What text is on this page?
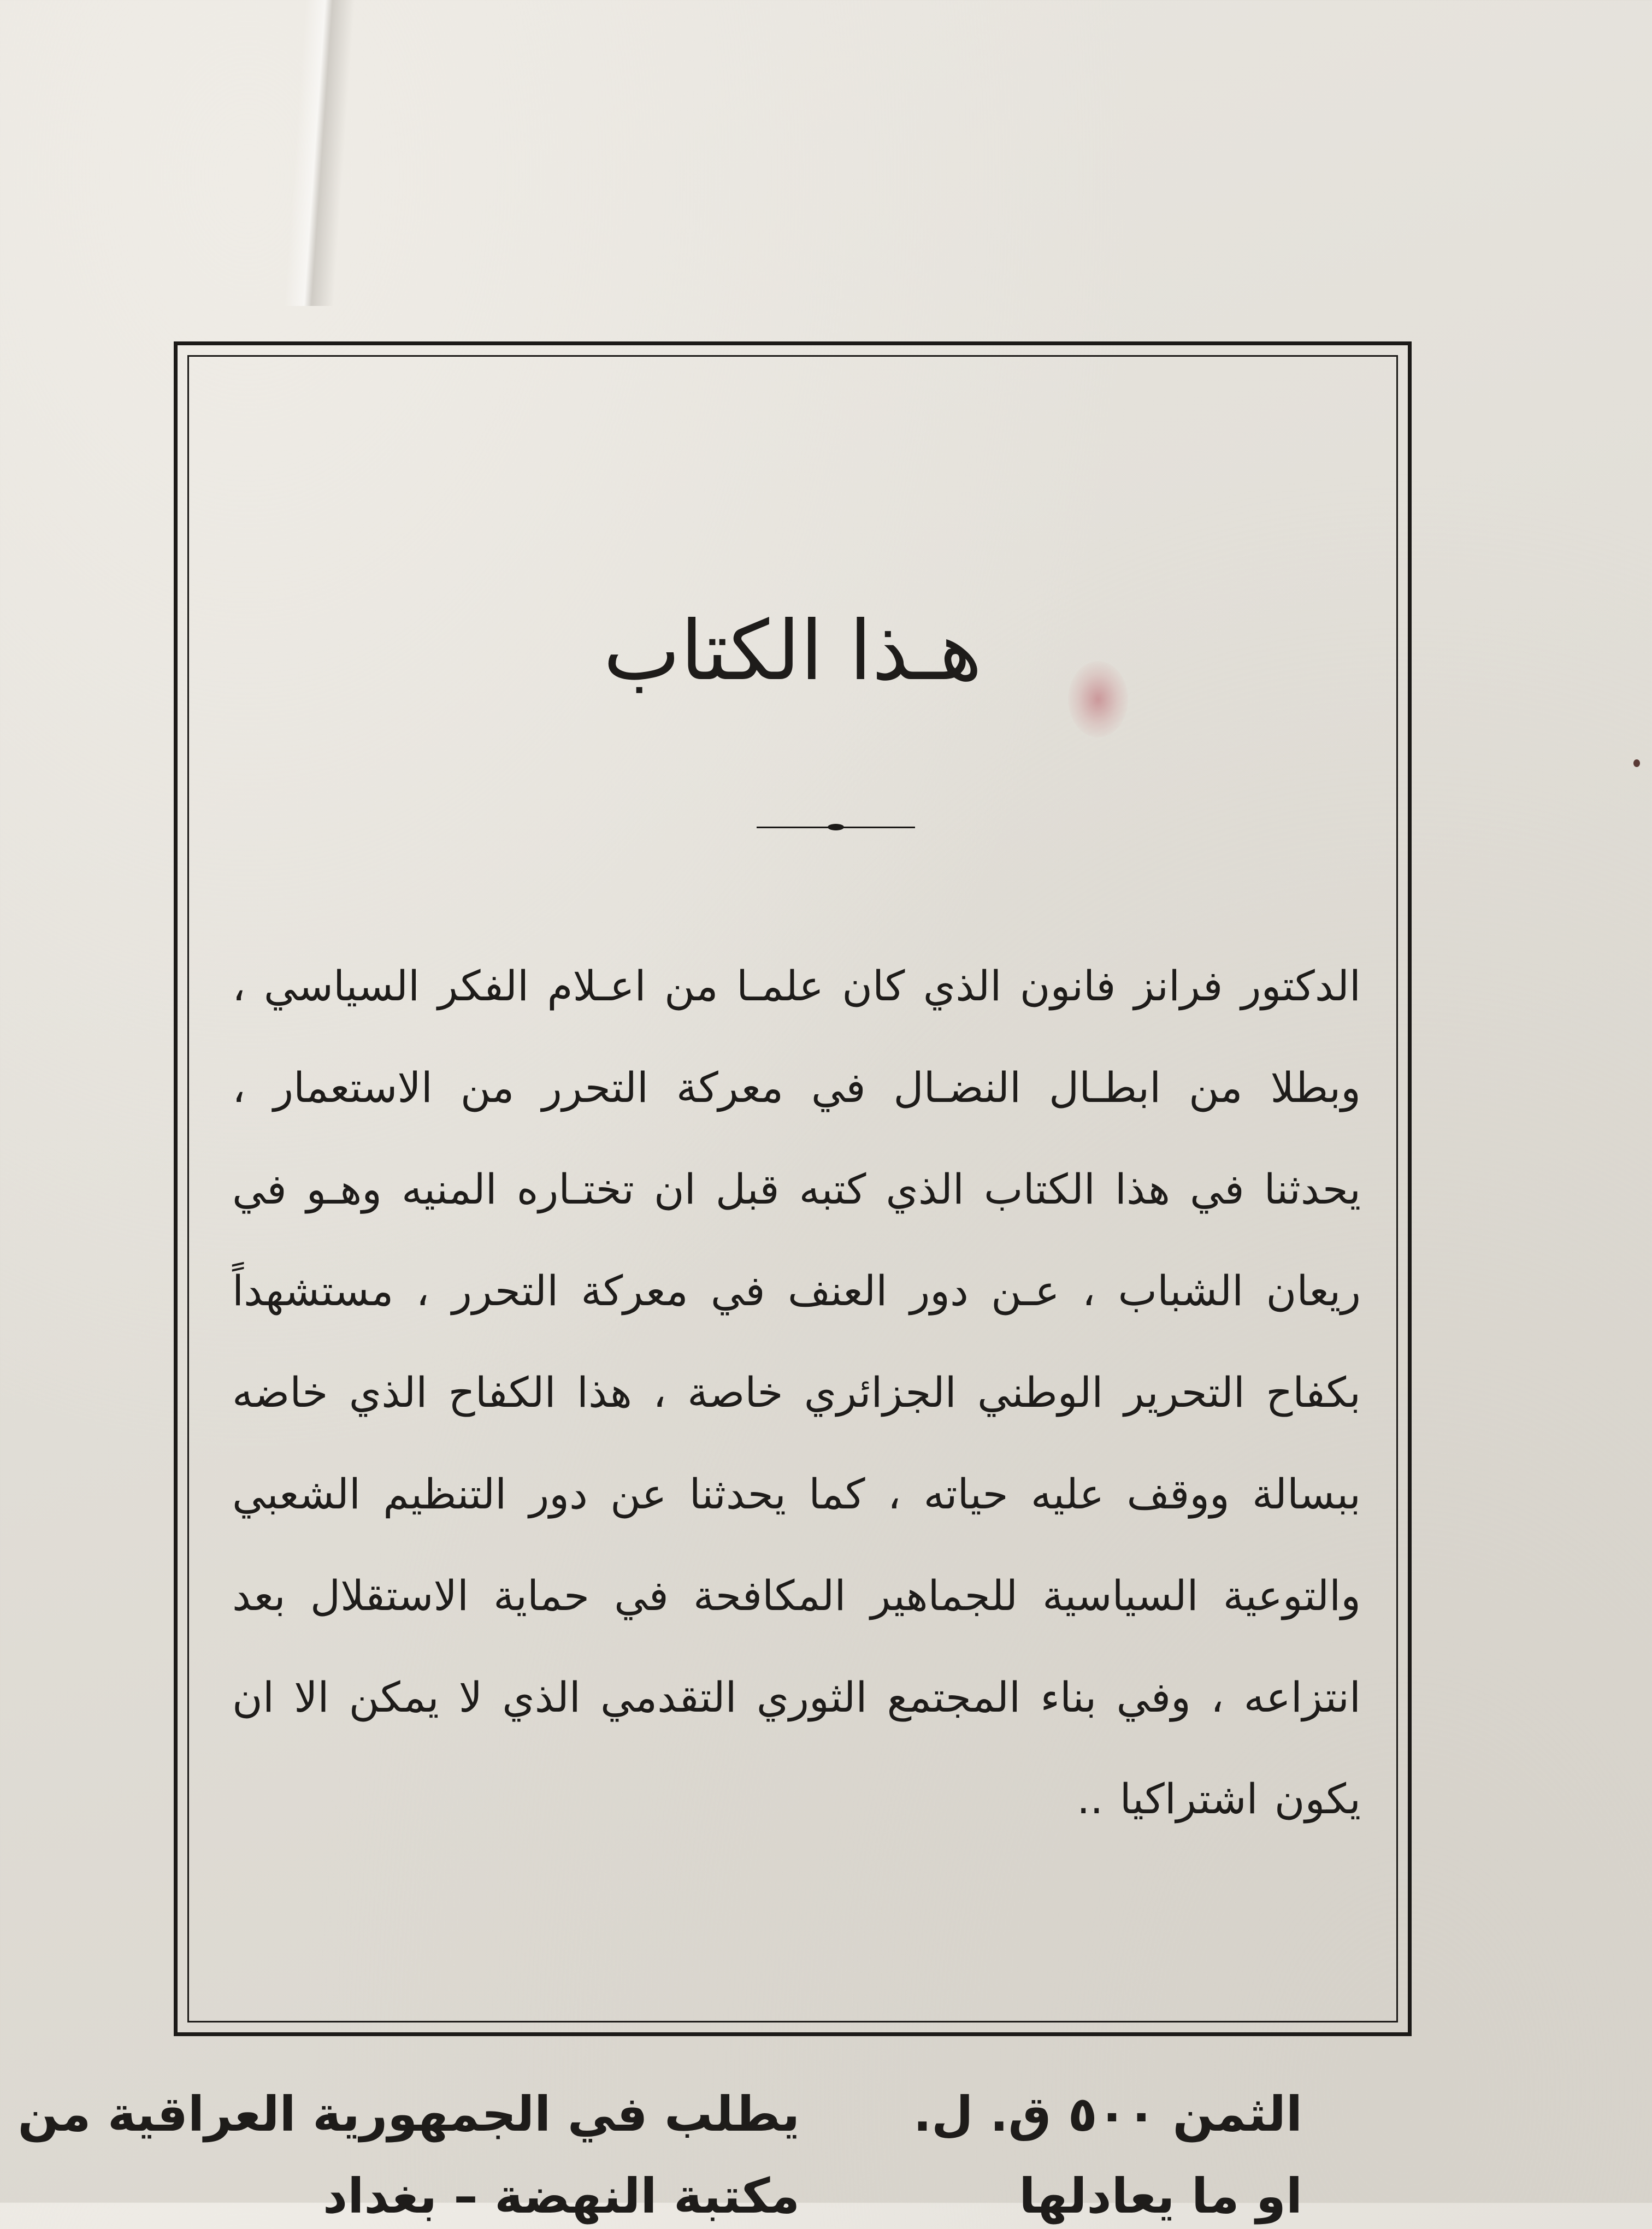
هـذا الكتاب

الدكتور فرانز فانون الذي كان علمـا من اعـلام الفكر السياسي ، وبطلا من ابطـال النضـال في معركة التحرر من الاستعمار ، يحدثنا في هذا الكتاب الذي كتبه قبل ان تختـاره المنيه وهـو في ريعان الشباب ، عـن دور العنف في معركة التحرر ، مستشهداً بكفاح التحرير الوطني الجزائري خاصة ، هذا الكفاح الذي خاضه ببسالة ووقف عليه حياته ، كما يحدثنا عن دور التنظيم الشعبي والتوعية السياسية للجماهير المكافحة في حماية الاستقلال بعد انتزاعه ، وفي بناء المجتمع الثوري التقدمي الذي لا يمكن الا ان يكون اشتراكيا ..

الثمن ٥٠٠ ق. ل.
او ما يعادلها
يطلب في الجمهورية العراقية من
مكتبة النهضة – بغداد
